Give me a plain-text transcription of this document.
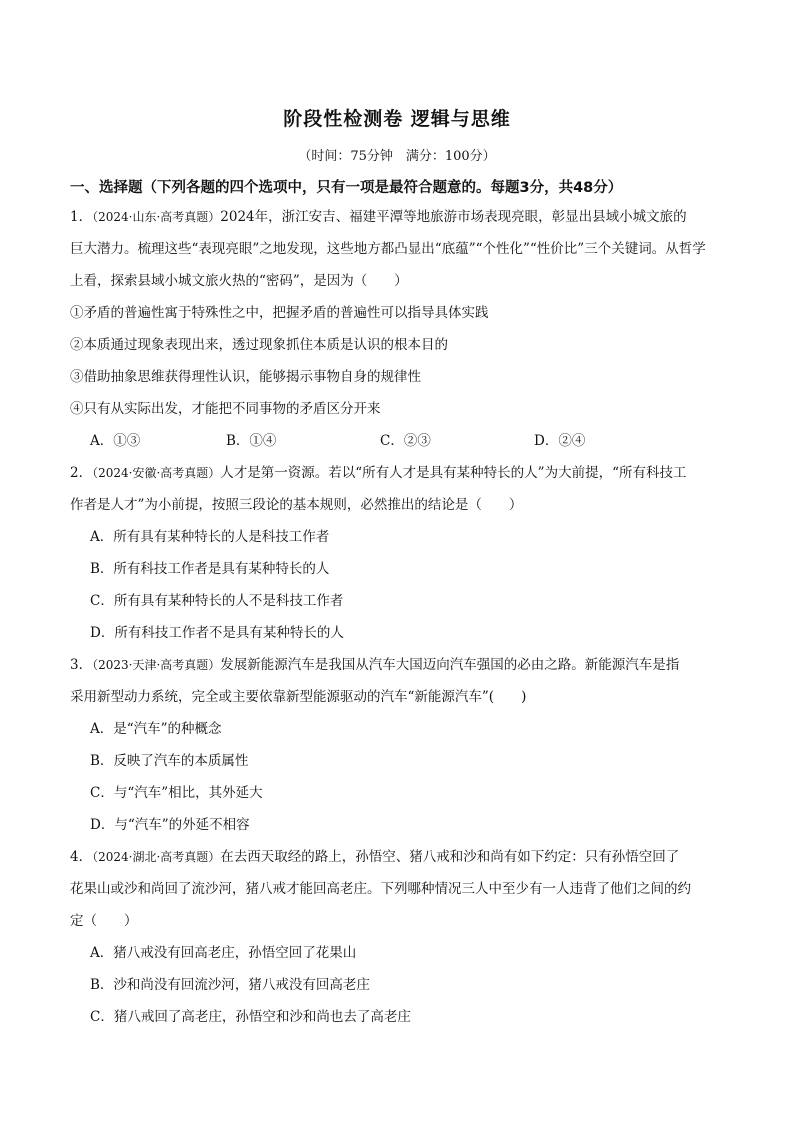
阶段性检测卷 逻辑与思维
（时间：75分钟　满分：100分）
一、选择题（下列各题的四个选项中，只有一项是最符合题意的。每题3分，共48分）
1．（2024·山东·高考真题）2024年，浙江安吉、福建平潭等地旅游市场表现亮眼，彰显出县域小城文旅的
巨大潜力。梳理这些“表现亮眼”之地发现，这些地方都凸显出“底蕴”“个性化”“性价比”三个关键词。从哲学
上看，探索县域小城文旅火热的“密码”，是因为（　　）
①矛盾的普遍性寓于特殊性之中，把握矛盾的普遍性可以指导具体实践
②本质通过现象表现出来，透过现象抓住本质是认识的根本目的
③借助抽象思维获得理性认识，能够揭示事物自身的规律性
④只有从实际出发，才能把不同事物的矛盾区分开来
A．①③	B．①④	C．②③	D．②④
2．（2024·安徽·高考真题）人才是第一资源。若以“所有人才是具有某种特长的人”为大前提，“所有科技工
作者是人才”为小前提，按照三段论的基本规则，必然推出的结论是（　　）
A．所有具有某种特长的人是科技工作者
B．所有科技工作者是具有某种特长的人
C．所有具有某种特长的人不是科技工作者
D．所有科技工作者不是具有某种特长的人
3．（2023·天津·高考真题）发展新能源汽车是我国从汽车大国迈向汽车强国的必由之路。新能源汽车是指
采用新型动力系统，完全或主要依靠新型能源驱动的汽车“新能源汽车”(　　)
A．是“汽车”的种概念
B．反映了汽车的本质属性
C．与“汽车”相比，其外延大
D．与“汽车”的外延不相容
4．（2024·湖北·高考真题）在去西天取经的路上，孙悟空、猪八戒和沙和尚有如下约定：只有孙悟空回了
花果山或沙和尚回了流沙河，猪八戒才能回高老庄。下列哪种情况三人中至少有一人违背了他们之间的约
定（　　）
A．猪八戒没有回高老庄，孙悟空回了花果山
B．沙和尚没有回流沙河，猪八戒没有回高老庄
C．猪八戒回了高老庄，孙悟空和沙和尚也去了高老庄
